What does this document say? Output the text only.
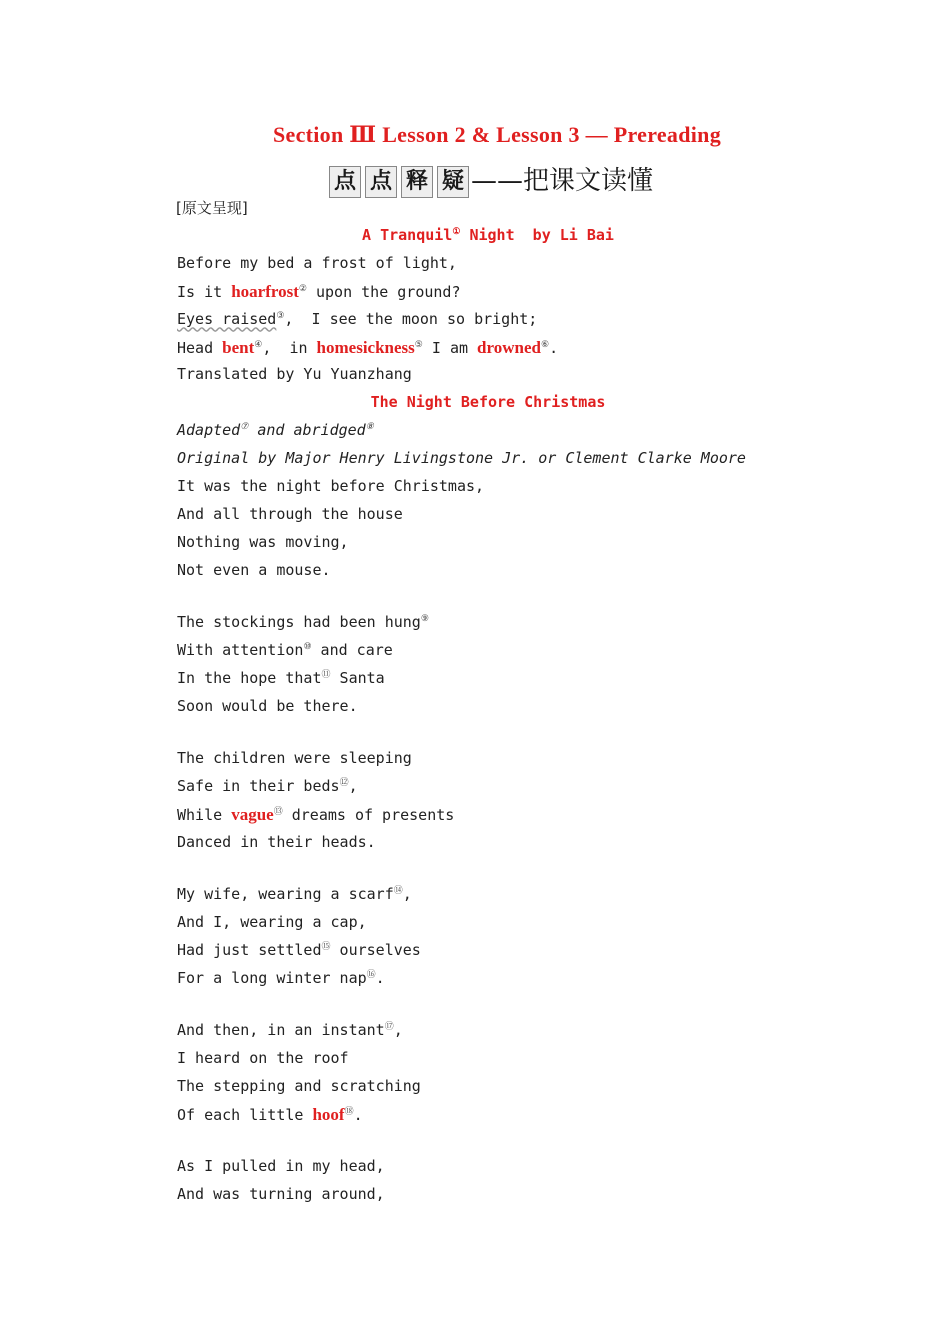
Section Ⅲ Lesson 2 & Lesson 3 — Prereading
点 点 释 疑 ——把课文读懂
[原文呈现]
A Tranquil① Night  by Li Bai
Before my bed a frost of light,
Is it hoarfrost② upon the ground?
Eyes raised③,  I see the moon so bright;
Head bent④,  in homesickness⑤ I am drowned⑥.
Translated by Yu Yuanzhang
The Night Before Christmas
Adapted⑦ and abridged⑧
Original by Major Henry Livingstone Jr. or Clement Clarke Moore
It was the night before Christmas,
And all through the house
Nothing was moving,
Not even a mouse.
The stockings had been hung⑨
With attention⑩ and care
In the hope that⑪ Santa
Soon would be there.
The children were sleeping
Safe in their beds⑫,
While vague⑬ dreams of presents
Danced in their heads.
My wife, wearing a scarf⑭,
And I, wearing a cap,
Had just settled⑮ ourselves
For a long winter nap⑯.
And then, in an instant⑰,
I heard on the roof
The stepping and scratching
Of each little hoof⑱.
As I pulled in my head,
And was turning around,
